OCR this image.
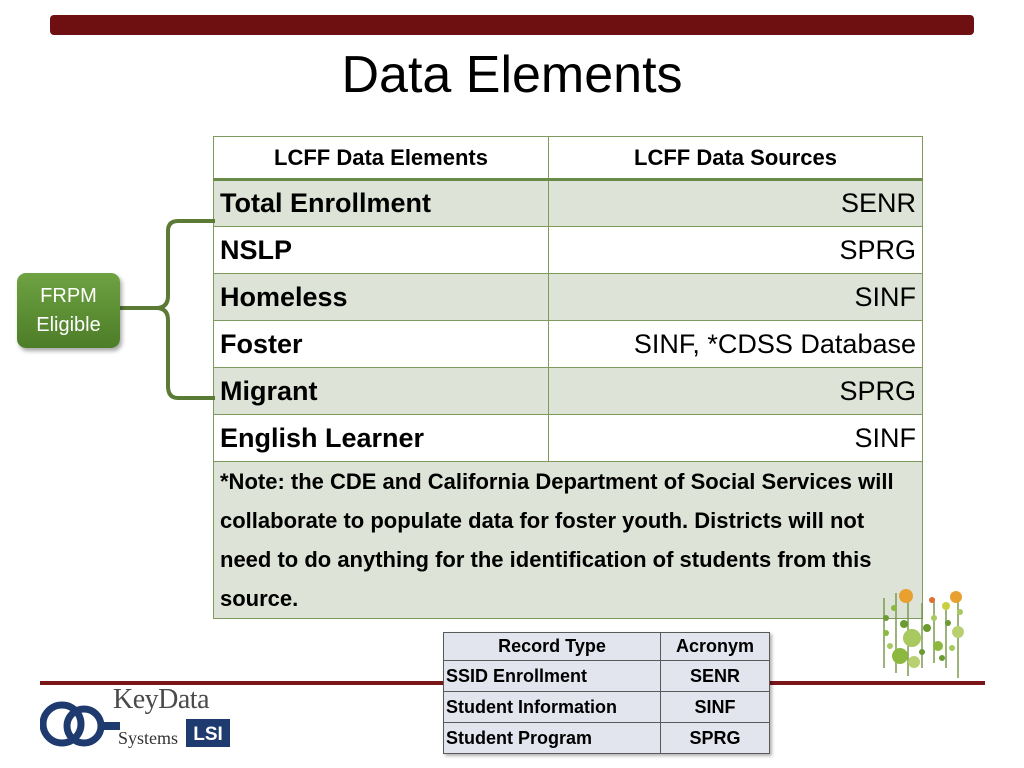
Data Elements
LCFF Data Elements	LCFF Data Sources
Total Enrollment	SENR
NSLP	SPRG
Homeless	SINF
Foster	SINF, *CDSS Database
Migrant	SPRG
English Learner	SINF
*Note: the CDE and California Department of Social Services will collaborate to populate data for foster youth. Districts will not need to do anything for the identification of students from this source.	
FRPM
Eligible
Record Type	Acronym
SSID Enrollment	SENR
Student Information	SINF
Student Program	SPRG
KeyData
Systems LSI
